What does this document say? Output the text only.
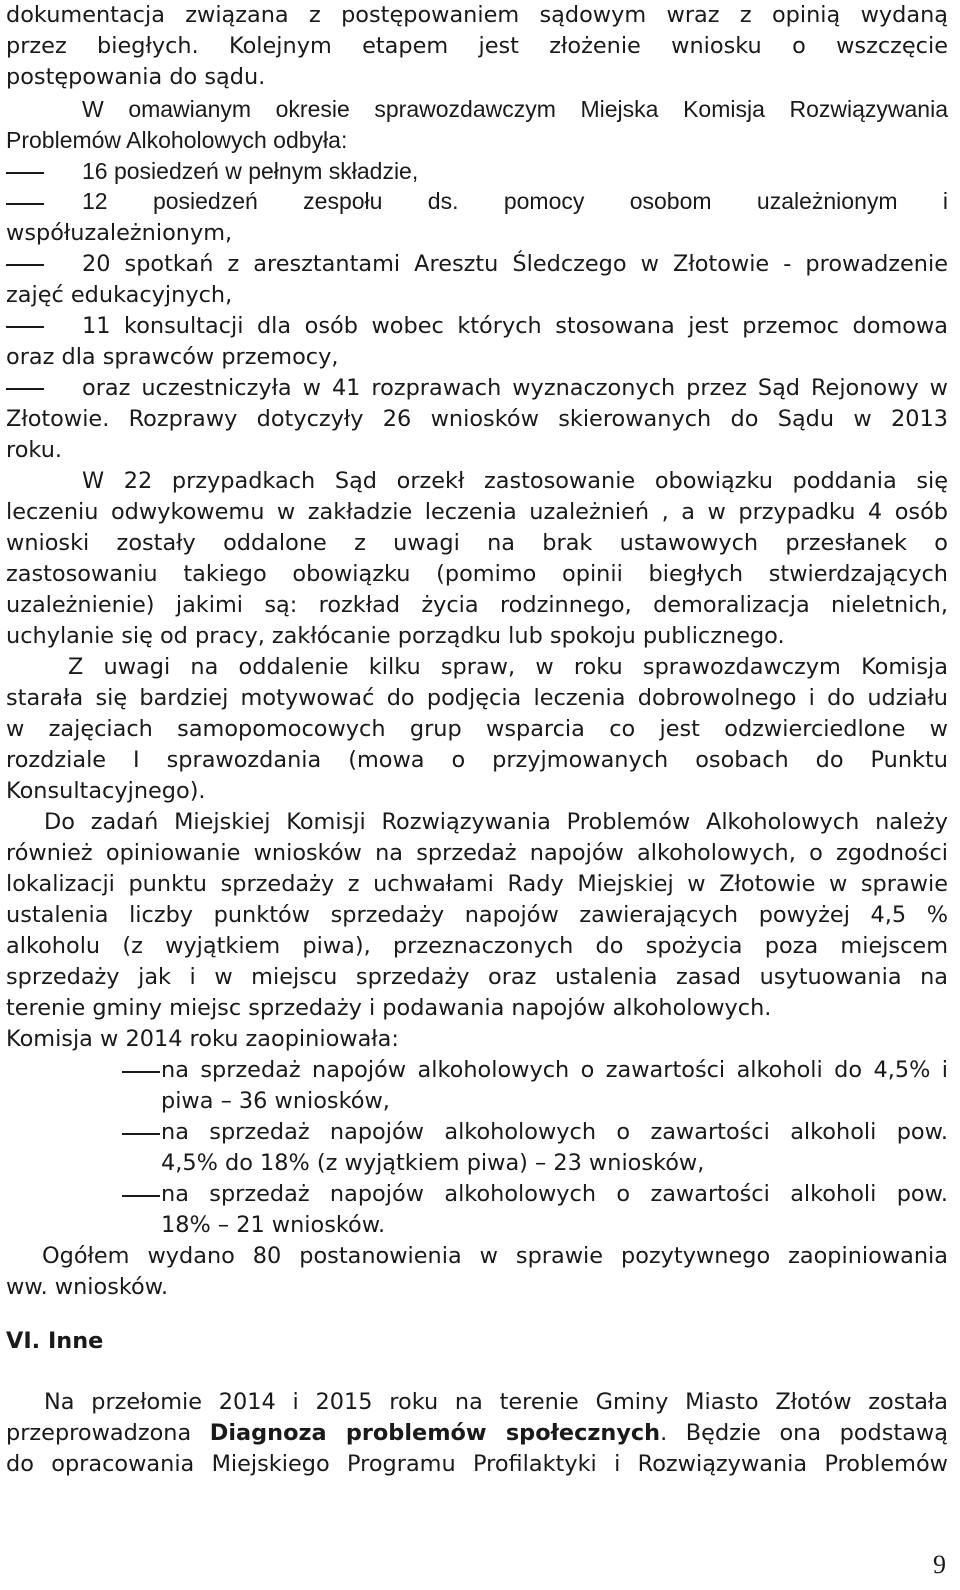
dokumentacja związana z postępowaniem sądowym wraz z opinią wydaną
przez biegłych. Kolejnym etapem jest złożenie wniosku o wszczęcie
postępowania do sądu.
W omawianym okresie sprawozdawczym Miejska Komisja Rozwiązywania
Problemów Alkoholowych odbyła:
16 posiedzeń w pełnym składzie,
12 posiedzeń zespołu ds. pomocy osobom uzależnionym i
współuzależnionym,
20 spotkań z aresztantami Aresztu Śledczego w Złotowie - prowadzenie
zajęć edukacyjnych,
11 konsultacji dla osób wobec których stosowana jest przemoc domowa
oraz dla sprawców przemocy,
oraz uczestniczyła w 41 rozprawach wyznaczonych przez Sąd Rejonowy w
Złotowie. Rozprawy dotyczyły 26 wniosków skierowanych do Sądu w 2013
roku.
W 22 przypadkach Sąd orzekł zastosowanie obowiązku poddania się
leczeniu odwykowemu w zakładzie leczenia uzależnień , a w przypadku 4 osób
wnioski zostały oddalone z uwagi na brak ustawowych przesłanek o
zastosowaniu takiego obowiązku (pomimo opinii biegłych stwierdzających
uzależnienie) jakimi są: rozkład życia rodzinnego, demoralizacja nieletnich,
uchylanie się od pracy, zakłócanie porządku lub spokoju publicznego.
Z uwagi na oddalenie kilku spraw, w roku sprawozdawczym Komisja
starała się bardziej motywować do podjęcia leczenia dobrowolnego i do udziału
w zajęciach samopomocowych grup wsparcia co jest odzwierciedlone w
rozdziale I sprawozdania (mowa o przyjmowanych osobach do Punktu
Konsultacyjnego).
Do zadań Miejskiej Komisji Rozwiązywania Problemów Alkoholowych należy
również opiniowanie wniosków na sprzedaż napojów alkoholowych, o zgodności
lokalizacji punktu sprzedaży z uchwałami Rady Miejskiej w Złotowie w sprawie
ustalenia liczby punktów sprzedaży napojów zawierających powyżej 4,5 %
alkoholu (z wyjątkiem piwa), przeznaczonych do spożycia poza miejscem
sprzedaży jak i w miejscu sprzedaży oraz ustalenia zasad usytuowania na
terenie gminy miejsc sprzedaży i podawania napojów alkoholowych.
Komisja w 2014 roku zaopiniowała:
na sprzedaż napojów alkoholowych o zawartości alkoholi do 4,5% i
piwa – 36 wniosków,
na sprzedaż napojów alkoholowych o zawartości alkoholi pow.
4,5% do 18% (z wyjątkiem piwa) – 23 wniosków,
na sprzedaż napojów alkoholowych o zawartości alkoholi pow.
18% – 21 wniosków.
Ogółem wydano 80 postanowienia w sprawie pozytywnego zaopiniowania
ww. wniosków.
VI. Inne
Na przełomie 2014 i 2015 roku na terenie Gminy Miasto Złotów została
przeprowadzona Diagnoza problemów społecznych. Będzie ona podstawą
do opracowania Miejskiego Programu Profilaktyki i Rozwiązywania Problemów
9
